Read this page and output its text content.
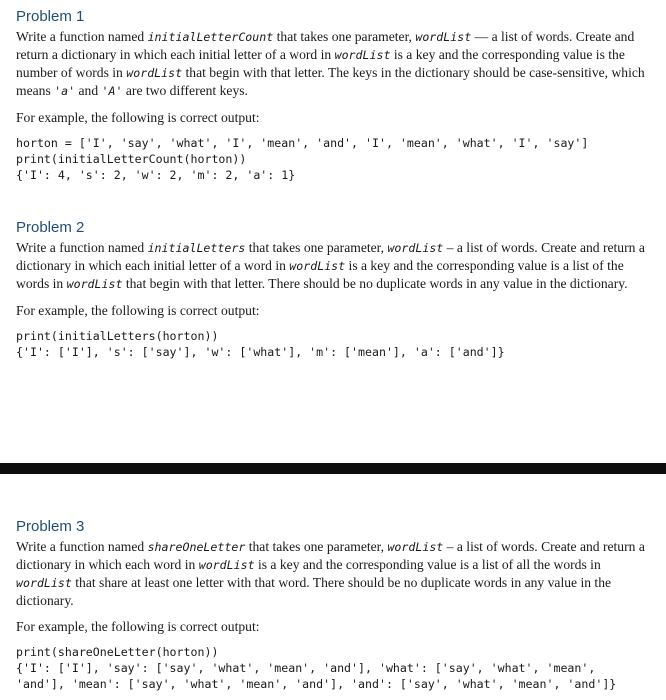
Problem 1

Write a function named initialLetterCount that takes one parameter, wordList — a list of words. Create and return a dictionary in which each initial letter of a word in wordList is a key and the corresponding value is the number of words in wordList that begin with that letter. The keys in the dictionary should be case-sensitive, which means 'a' and 'A' are two different keys.

For example, the following is correct output:

horton = ['I', 'say', 'what', 'I', 'mean', 'and', 'I', 'mean', 'what', 'I', 'say']
print(initialLetterCount(horton))
{'I': 4, 's': 2, 'w': 2, 'm': 2, 'a': 1}
Problem 2

Write a function named initialLetters that takes one parameter, wordList – a list of words. Create and return a dictionary in which each initial letter of a word in wordList is a key and the corresponding value is a list of the words in wordList that begin with that letter. There should be no duplicate words in any value in the dictionary.

For example, the following is correct output:

print(initialLetters(horton))
{'I': ['I'], 's': ['say'], 'w': ['what'], 'm': ['mean'], 'a': ['and']}
Problem 3

Write a function named shareOneLetter that takes one parameter, wordList – a list of words. Create and return a dictionary in which each word in wordList is a key and the corresponding value is a list of all the words in wordList that share at least one letter with that word. There should be no duplicate words in any value in the dictionary.

For example, the following is correct output:

print(shareOneLetter(horton))
{'I': ['I'], 'say': ['say', 'what', 'mean', 'and'], 'what': ['say', 'what', 'mean',
'and'], 'mean': ['say', 'what', 'mean', 'and'], 'and': ['say', 'what', 'mean', 'and']}
